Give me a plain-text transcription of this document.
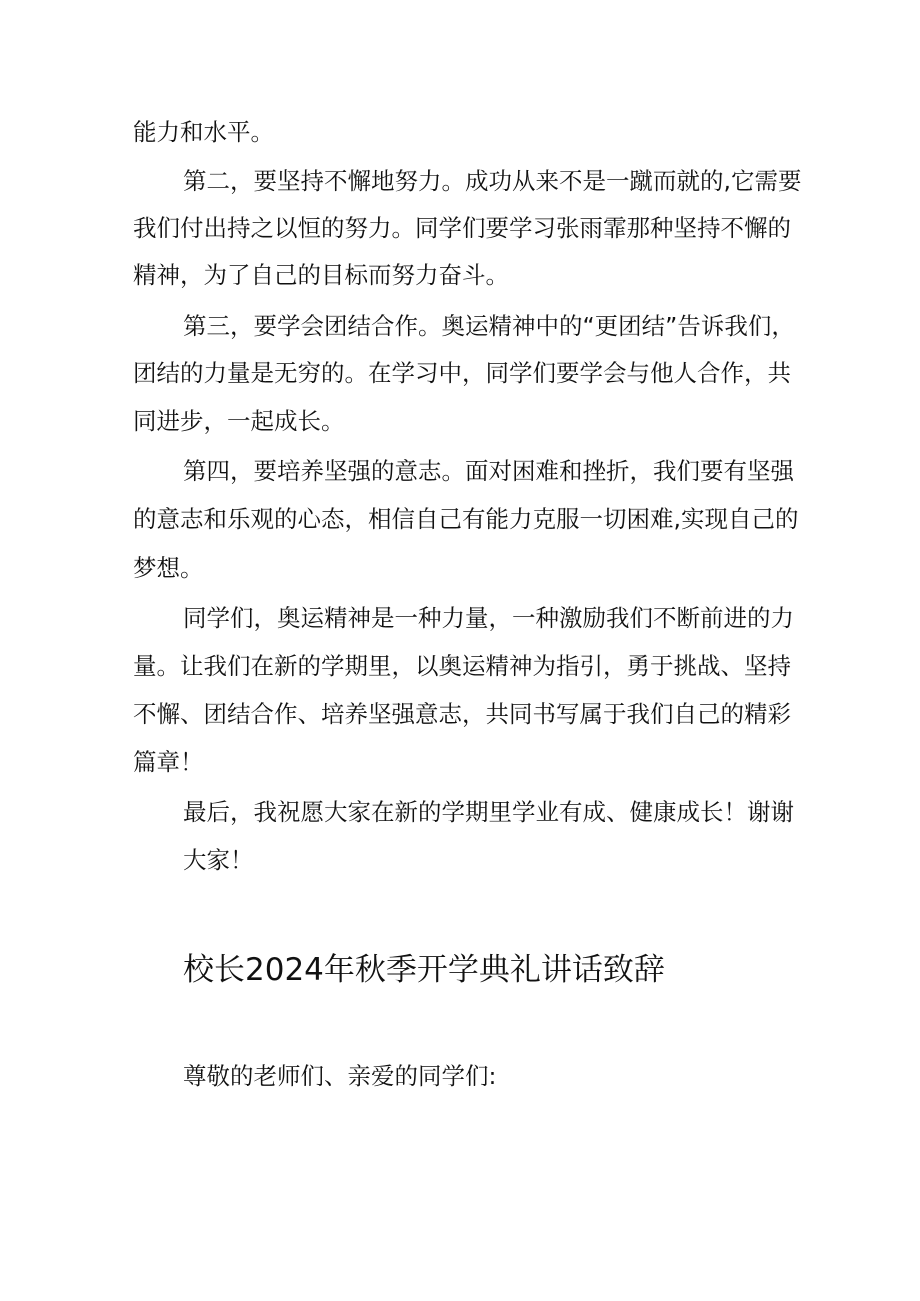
能力和水平。
第二，要坚持不懈地努力。成功从来不是一蹴而就的,它需要
我们付出持之以恒的努力。同学们要学习张雨霏那种坚持不懈的
精神，为了自己的目标而努力奋斗。
第三，要学会团结合作。奥运精神中的“更团结”告诉我们，
团结的力量是无穷的。在学习中，同学们要学会与他人合作，共
同进步，一起成长。
第四，要培养坚强的意志。面对困难和挫折，我们要有坚强
的意志和乐观的心态，相信自己有能力克服一切困难,实现自己的
梦想。
同学们，奥运精神是一种力量，一种激励我们不断前进的力
量。让我们在新的学期里，以奥运精神为指引，勇于挑战、坚持
不懈、团结合作、培养坚强意志，共同书写属于我们自己的精彩
篇章！
最后，我祝愿大家在新的学期里学业有成、健康成长！谢谢
大家！
校长2024年秋季开学典礼讲话致辞
尊敬的老师们、亲爱的同学们:
